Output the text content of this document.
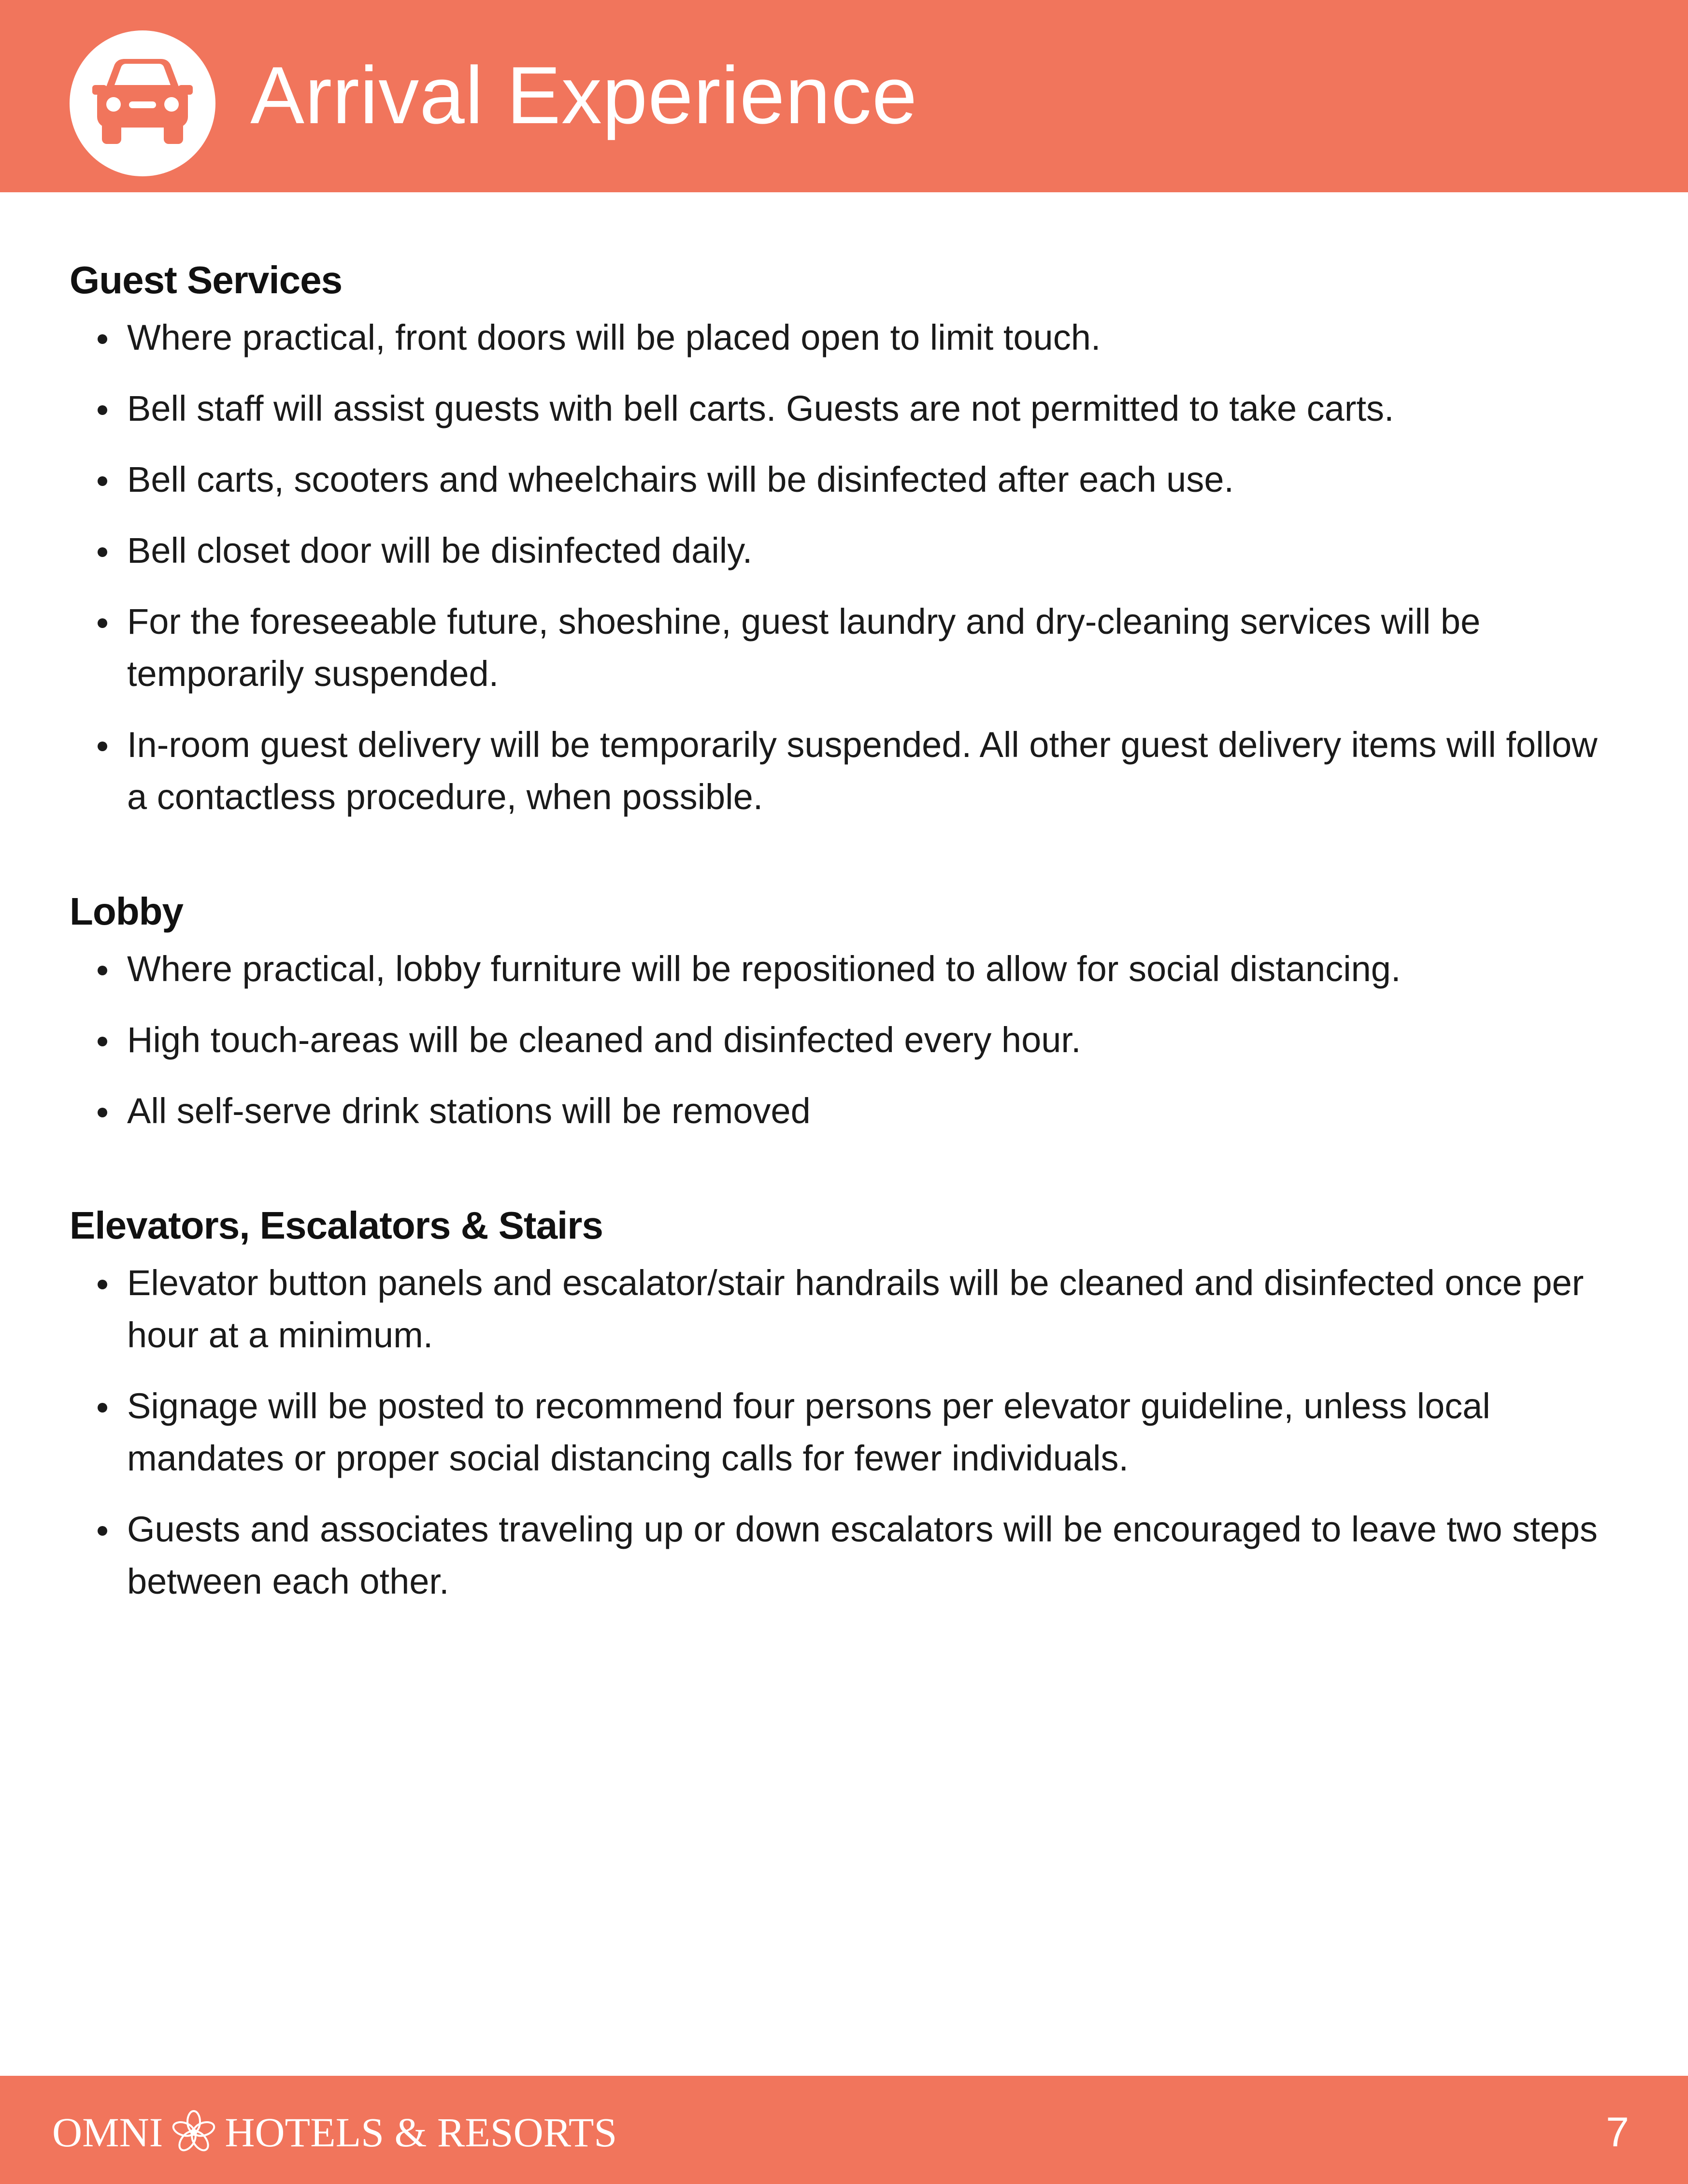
Arrival Experience
Guest Services
Where practical, front doors will be placed open to limit touch.
Bell staff will assist guests with bell carts. Guests are not permitted to take carts.
Bell carts, scooters and wheelchairs will be disinfected after each use.
Bell closet door will be disinfected daily.
For the foreseeable future, shoeshine, guest laundry and dry-cleaning services will be temporarily suspended.
In-room guest delivery will be temporarily suspended. All other guest delivery items will follow a contactless procedure, when possible.
Lobby
Where practical, lobby furniture will be repositioned to allow for social distancing.
High touch-areas will be cleaned and disinfected every hour.
All self-serve drink stations will be removed
Elevators, Escalators & Stairs
Elevator button panels and escalator/stair handrails will be cleaned and disinfected once per hour at a minimum.
Signage will be posted to recommend four persons per elevator guideline, unless local mandates or proper social distancing calls for fewer individuals.
Guests and associates traveling up or down escalators will be encouraged to leave two steps between each other.
OMNI HOTELS & RESORTS	7
